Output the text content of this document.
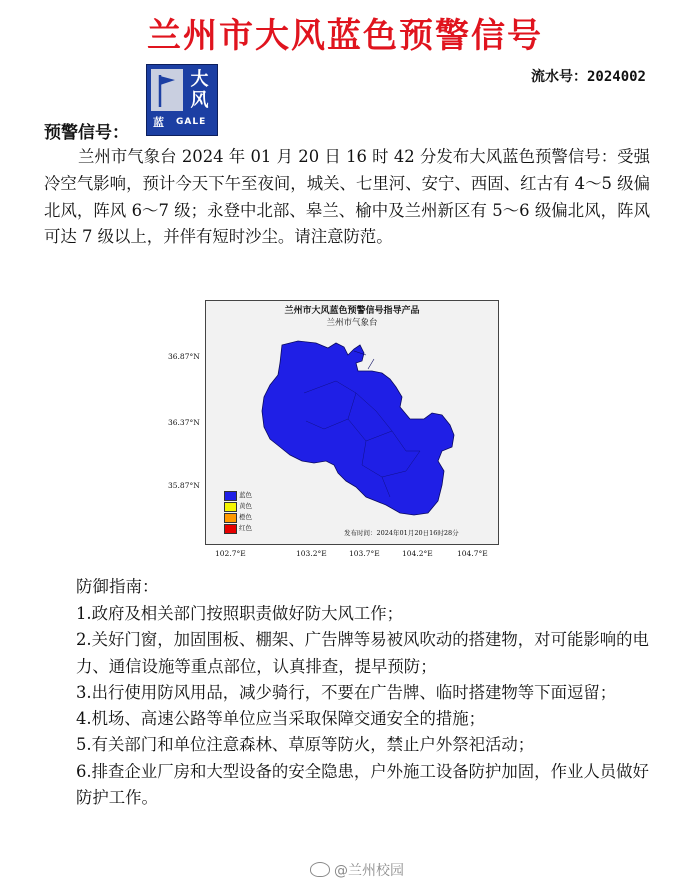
兰州市大风蓝色预警信号
流水号：2024002
大
风
蓝 GALE
预警信号：
兰州市气象台 2024 年 01 月 20 日 16 时 42 分发布大风蓝色预警信号：受强冷空气影响，预计今天下午至夜间，城关、七里河、安宁、西固、红古有 4～5 级偏北风，阵风 6～7 级；永登中北部、皋兰、榆中及兰州新区有 5～6 级偏北风，阵风可达 7 级以上，并伴有短时沙尘。请注意防范。
兰州市大风蓝色预警信号指导产品
兰州市气象台
蓝色
黄色
橙色
红色
发布时间：2024年01月20日16时28分
36.87°N
36.37°N
35.87°N
102.7°E	103.2°E	103.7°E	104.2°E	104.7°E
防御指南：

1.政府及相关部门按照职责做好防大风工作；

2.关好门窗，加固围板、棚架、广告牌等易被风吹动的搭建物，对可能影响的电力、通信设施等重点部位，认真排查，提早预防；

3.出行使用防风用品，减少骑行，不要在广告牌、临时搭建物等下面逗留；

4.机场、高速公路等单位应当采取保障交通安全的措施；

5.有关部门和单位注意森林、草原等防火，禁止户外祭祀活动；

6.排查企业厂房和大型设备的安全隐患，户外施工设备防护加固，作业人员做好防护工作。

@兰州校园
